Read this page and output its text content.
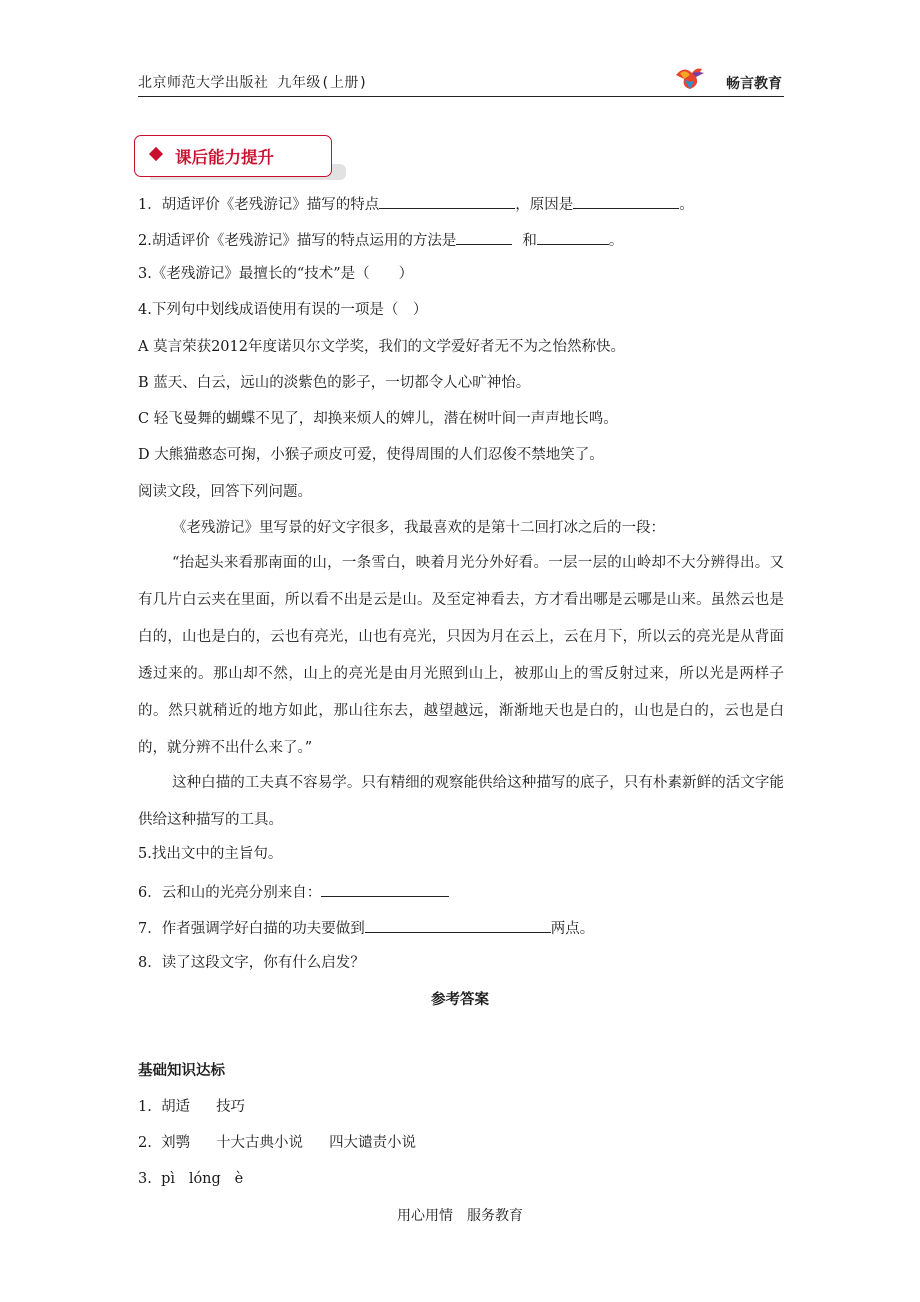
北京师范大学出版社 九年级(上册)	畅言教育
课后能力提升
1．胡适评价《老残游记》描写的特点	，原因是	。
2.胡适评价《老残游记》描写的特点运用的方法是	和	。
3.《老残游记》最擅长的“技术”是（　　）
4.下列句中划线成语使用有误的一项是（　）
A 莫言荣获2012年度诺贝尔文学奖，我们的文学爱好者无不为之怡然称快。
B 蓝天、白云，远山的淡紫色的影子，一切都令人心旷神怡。
C 轻飞曼舞的蝴蝶不见了，却换来烦人的婢儿，潜在树叶间一声声地长鸣。
D 大熊猫憨态可掬，小猴子顽皮可爱，使得周围的人们忍俊不禁地笑了。
阅读文段，回答下列问题。
《老残游记》里写景的好文字很多，我最喜欢的是第十二回打冰之后的一段：
“抬起头来看那南面的山，一条雪白，映着月光分外好看。一层一层的山岭却不大分辨得出。又有几片白云夹在里面，所以看不出是云是山。及至定神看去，方才看出哪是云哪是山来。虽然云也是白的，山也是白的，云也有亮光，山也有亮光，只因为月在云上，云在月下，所以云的亮光是从背面透过来的。那山却不然，山上的亮光是由月光照到山上，被那山上的雪反射过来，所以光是两样子的。然只就稍近的地方如此，那山往东去，越望越远，渐渐地天也是白的，山也是白的，云也是白的，就分辨不出什么来了。”
这种白描的工夫真不容易学。只有精细的观察能供给这种描写的底子，只有朴素新鲜的活文字能供给这种描写的工具。
5.找出文中的主旨句。
6．云和山的光亮分别来自：
7．作者强调学好白描的功夫要做到	两点。
8．读了这段文字，你有什么启发？
参考答案
基础知识达标
1. 胡适 技巧
2. 刘鹗 十大古典小说 四大谴责小说
3. pì lóng è
用心用情　服务教育
